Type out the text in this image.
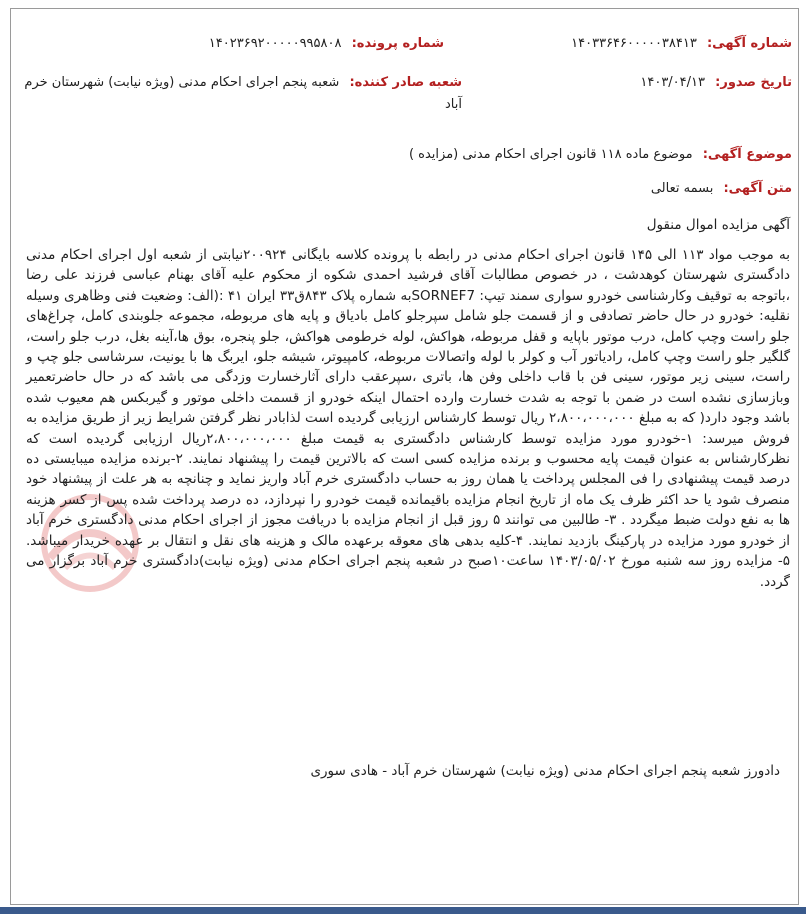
شماره آگهی: ۱۴۰۳۳۶۴۶۰۰۰۰۰۳۸۴۱۳
شماره پرونده: ۱۴۰۲۳۶۹۲۰۰۰۰۰۹۹۵۸۰۸
تاریخ صدور: ۱۴۰۳/۰۴/۱۳
شعبه صادر کننده: شعبه پنجم اجرای احکام مدنی (ویژه نیابت) شهرستان خرم
آباد
موضوع آگهی: موضوع ماده ۱۱۸ قانون اجرای احکام مدنی (مزایده )
متن آگهی: بسمه تعالی
آگهی مزایده اموال منقول
به موجب مواد ۱۱۳ الی ۱۴۵ قانون اجرای احکام مدنی در رابطه با پرونده کلاسه بایگانی ۲۰۰۹۲۴نیابتی از شعبه اول اجرای احکام مدنی دادگستری شهرستان کوهدشت ، در خصوص مطالبات آقای فرشید احمدی شکوه از محکوم علیه آقای بهنام عباسی فرزند علی رضا ،باتوجه به توقیف وکارشناسی خودرو سواری سمند تیپ: SORNEF7به شماره پلاک ۸۴۳ق۳۳ ایران ۴۱ :(الف: وضعیت فنی وظاهری وسیله نقلیه: خودرو در حال حاضر تصادفی و از قسمت جلو شامل سپرجلو کامل بادیاق و پایه های مربوطه، مجموعه جلوبندی کامل، چراغ‌های جلو راست وچپ کامل، درب موتور باپایه و قفل مربوطه، هواکش، لوله خرطومی هواکش، جلو پنجره، بوق ها،آینه بغل، درب جلو راست، گلگیر جلو راست وچپ کامل، رادیاتور آب و کولر با لوله واتصالات مربوطه، کامپیوتر، شیشه جلو، ایربگ ها با یونیت، سرشاسی جلو چپ و راست، سینی زیر موتور، سینی فن با قاب داخلی وفن ها، باتری ،سپرعقب دارای آثارخسارت وزدگی می باشد که در حال حاضرتعمیر وبازسازی نشده است در ضمن با توجه به شدت خسارت وارده احتمال اینکه خودرو از قسمت داخلی موتور و گیربکس هم معیوب شده باشد وجود دارد( که به مبلغ ۲،۸۰۰،۰۰۰،۰۰۰ ریال توسط کارشناس ارزیابی گردیده است لذابادر نظر گرفتن شرایط زیر از طریق مزایده به فروش میرسد: ۱-خودرو مورد مزایده توسط کارشناس دادگستری به قیمت مبلغ ۲،۸۰۰،۰۰۰،۰۰۰ریال ارزیابی گردیده است که نظرکارشناس به عنوان قیمت پایه محسوب و برنده مزایده کسی است که بالاترین قیمت را پیشنهاد نمایند. ۲-برنده مزایده میبایستی ده درصد قیمت پیشنهادی را فی المجلس پرداخت یا همان روز به حساب دادگستری خرم آباد واریز نماید و چنانچه به هر علت از پیشنهاد خود منصرف شود یا حد اکثر ظرف یک ماه از تاریخ انجام مزایده باقیمانده قیمت خودرو را نپردازد، ده درصد پرداخت شده پس از کسر هزینه ها به نفع دولت ضبط میگردد . ۳- طالبین می توانند ۵ روز قبل از انجام مزایده با دریافت مجوز از اجرای احکام مدنی دادگستری خرم آباد از خودرو مورد مزایده در پارکینگ بازدید نمایند. ۴-کلیه بدهی های معوقه برعهده مالک و هزینه های نقل و انتقال بر عهده خریدار میباشد. ۵- مزایده روز سه شنبه مورخ ۱۴۰۳/۰۵/۰۲ ساعت۱۰صبح در شعبه پنجم اجرای احکام مدنی (ویژه نیابت)دادگستری خرم آباد برگزار می گردد.
دادورز شعبه پنجم اجرای احکام مدنی (ویژه نیابت) شهرستان خرم آباد - هادی سوری
